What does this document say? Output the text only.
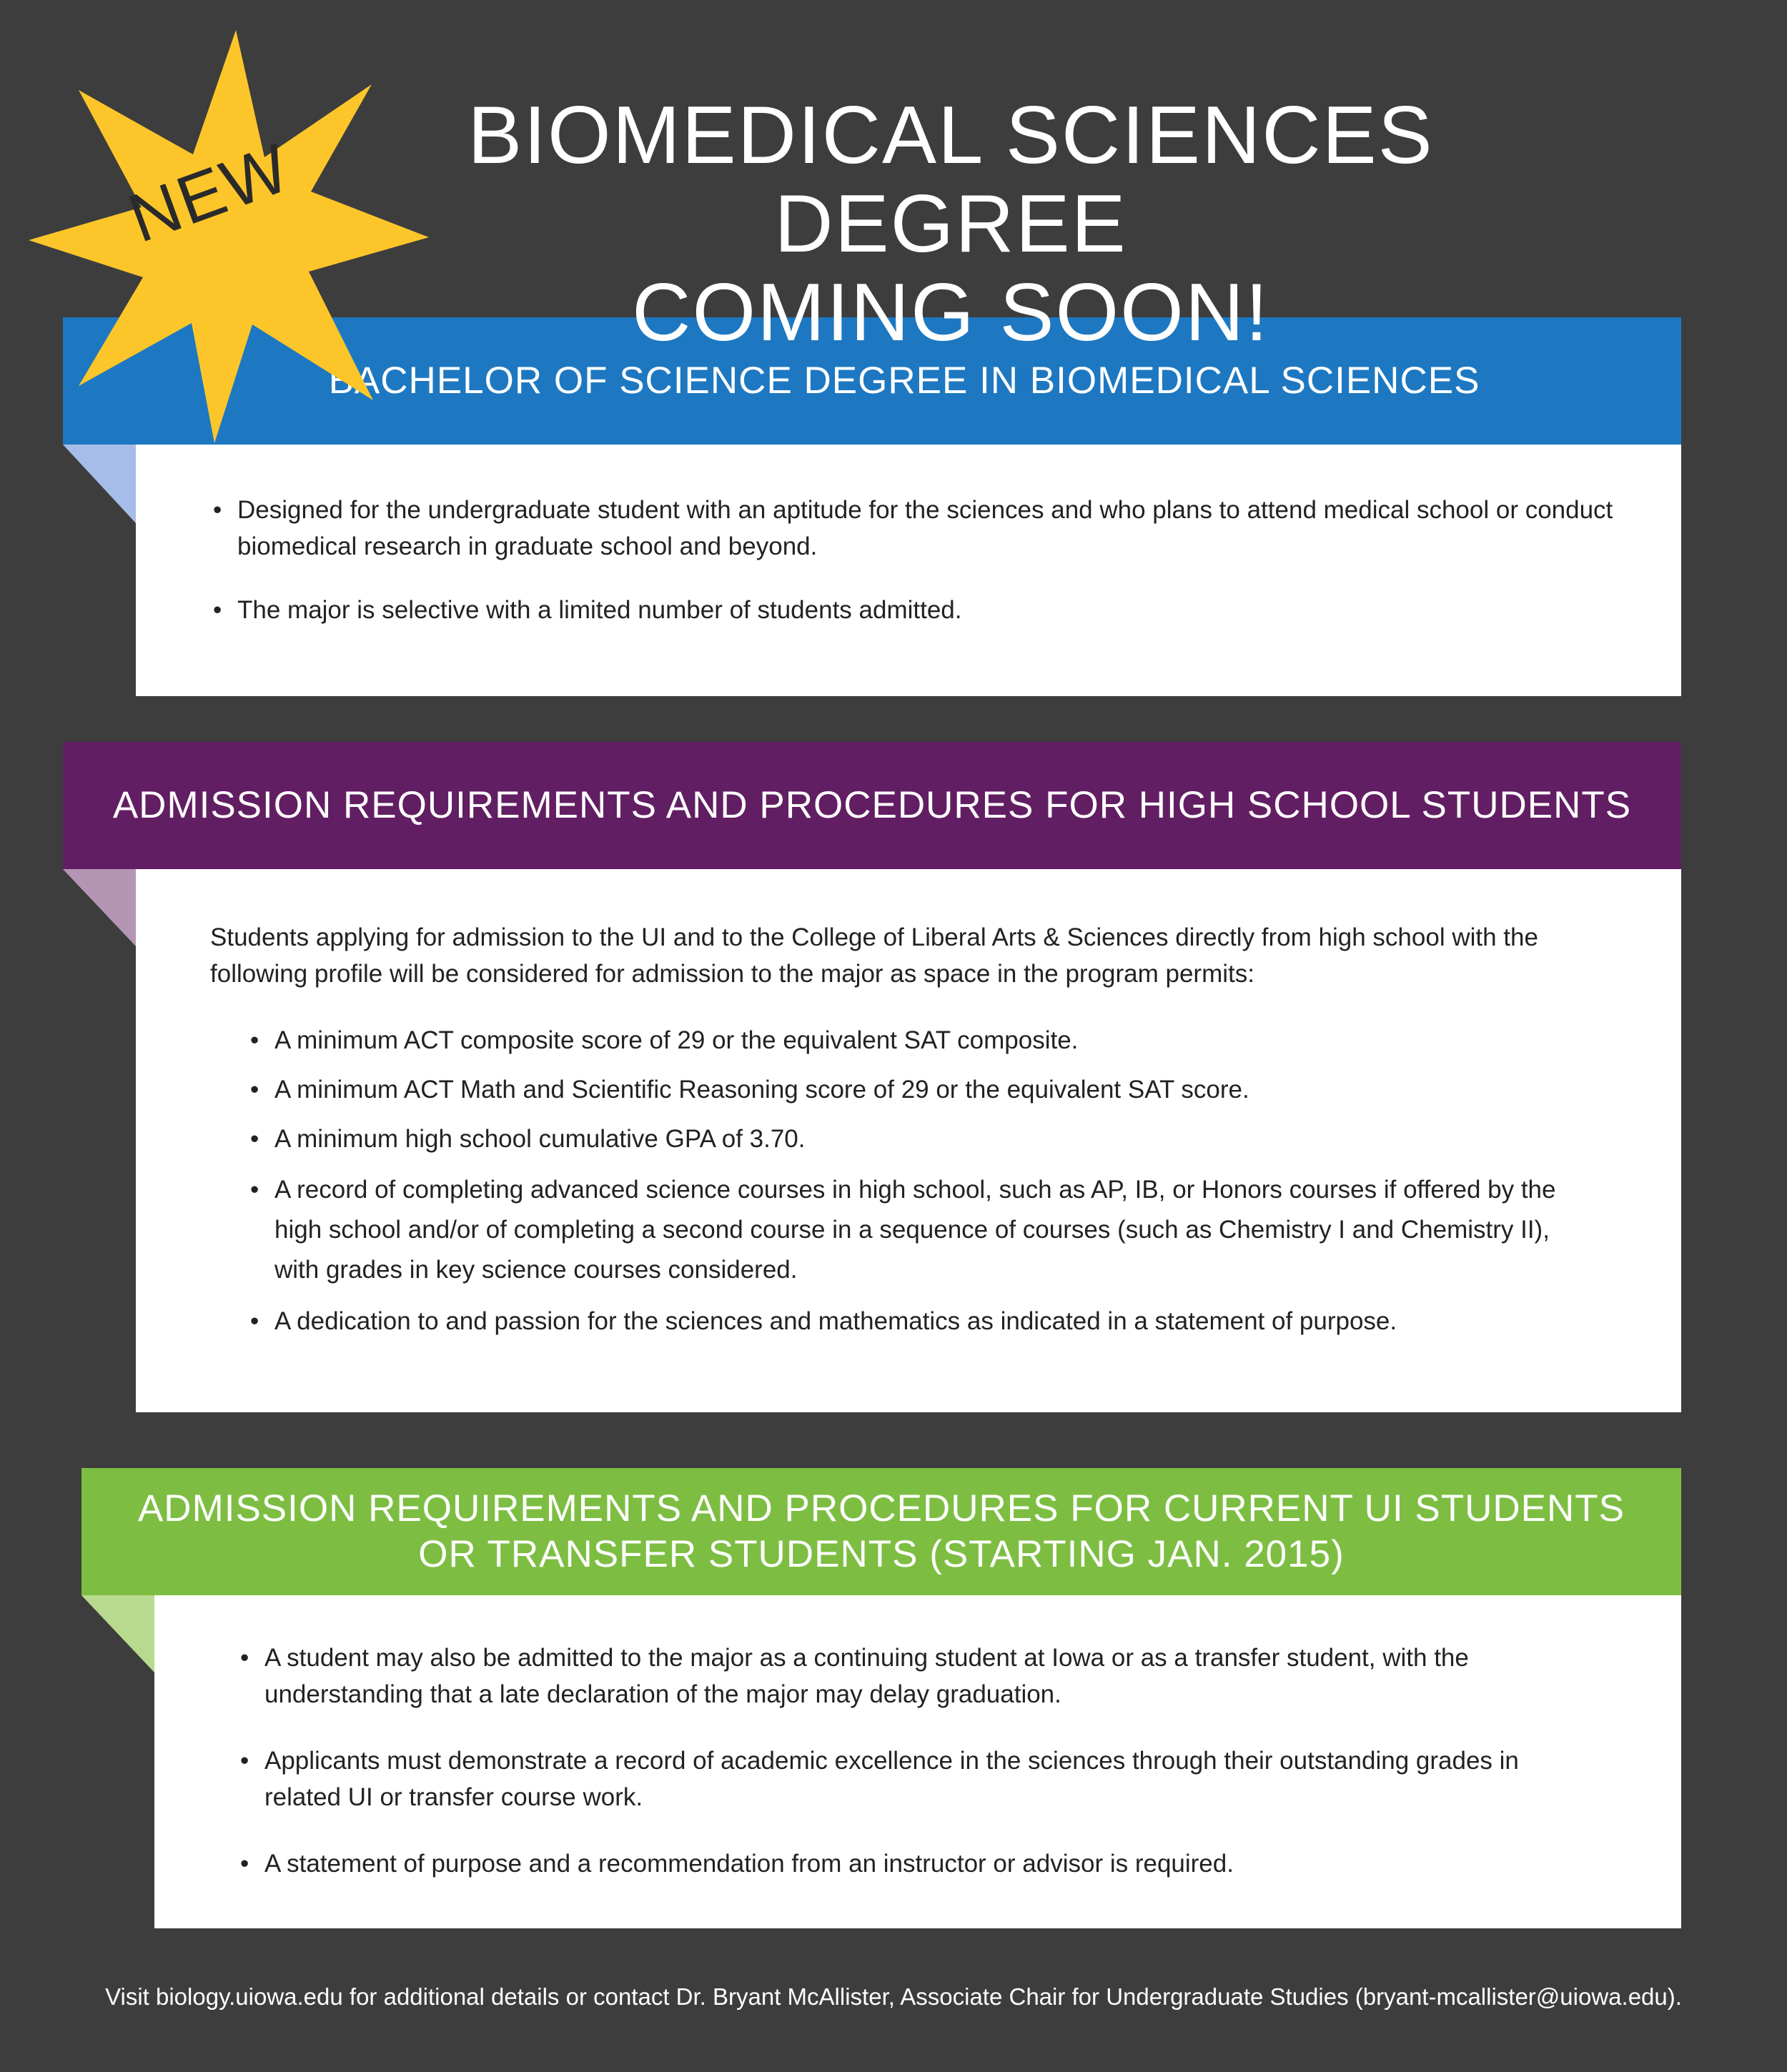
BACHELOR OF SCIENCE DEGREE IN BIOMEDICAL SCIENCES
• Designed for the undergraduate student with an aptitude for the sciences and who plans to attend medical school or conduct biomedical research in graduate school and beyond.
• The major is selective with a limited number of students admitted.
ADMISSION REQUIREMENTS AND PROCEDURES FOR HIGH SCHOOL STUDENTS
Students applying for admission to the UI and to the College of Liberal Arts & Sciences directly from high school with the following profile will be considered for admission to the major as space in the program permits:
• A minimum ACT composite score of 29 or the equivalent SAT composite.
• A minimum ACT Math and Scientific Reasoning score of 29 or the equivalent SAT score.
• A minimum high school cumulative GPA of 3.70.
• A record of completing advanced science courses in high school, such as AP, IB, or Honors courses if offered by the high school and/or of completing a second course in a sequence of courses (such as Chemistry I and Chemistry II), with grades in key science courses considered.
• A dedication to and passion for the sciences and mathematics as indicated in a statement of purpose.
ADMISSION REQUIREMENTS AND PROCEDURES FOR CURRENT UI STUDENTS
OR TRANSFER STUDENTS (STARTING JAN. 2015)
• A student may also be admitted to the major as a continuing student at Iowa or as a transfer student, with the understanding that a late declaration of the major may delay graduation.
• Applicants must demonstrate a record of academic excellence in the sciences through their outstanding grades in related UI or transfer course work.
• A statement of purpose and a recommendation from an instructor or advisor is required.
NEW	BIOMEDICAL SCIENCES DEGREE
COMING SOON!
Visit biology.uiowa.edu for additional details or contact Dr. Bryant McAllister, Associate Chair for Undergraduate Studies (bryant-mcallister@uiowa.edu).
